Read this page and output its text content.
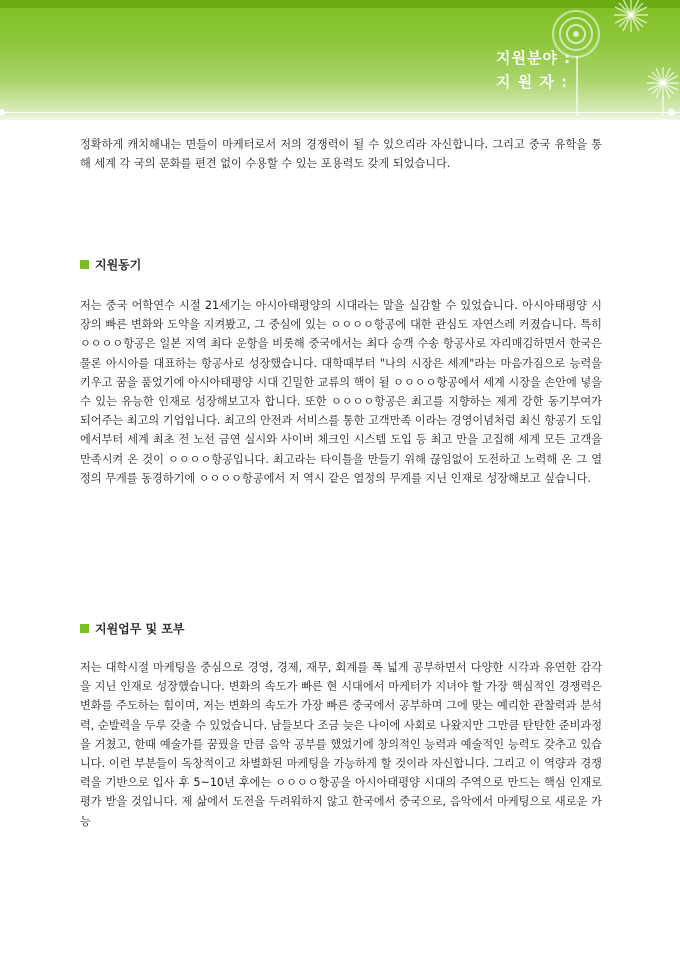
지원분야 :
지 원 자 :

정확하게 캐치해내는 면들이 마케터로서 저의 경쟁력이 될 수 있으리라 자신합니다. 그리고 중국 유학을 통해 세계 각 국의 문화를 편견 없이 수용할 수 있는 포용력도 갖게 되었습니다.

지원동기

저는 중국 어학연수 시절 21세기는 아시아태평양의 시대라는 말을 실감할 수 있었습니다. 아시아태평양 시장의 빠른 변화와 도약을 지켜봤고, 그 중심에 있는 ㅇㅇㅇㅇ항공에 대한 관심도 자연스레 커졌습니다. 특히 ㅇㅇㅇㅇ항공은 일본 지역 최다 운항을 비롯해 중국에서는 최다 승객 수송 항공사로 자리매김하면서 한국은 물론 아시아를 대표하는 항공사로 성장했습니다. 대학때부터 "나의 시장은 세계"라는 마음가짐으로 능력을 키우고 꿈을 품었기에 아시아태평양 시대 긴밀한 교류의 핵이 될 ㅇㅇㅇㅇ항공에서 세계 시장을 손안에 넣을 수 있는 유능한 인재로 성장해보고자 합니다. 또한 ㅇㅇㅇㅇ항공은 최고를 지향하는 제게 강한 동기부여가 되어주는 최고의 기업입니다. 최고의 안전과 서비스를 통한 고객만족 이라는 경영이념처럼 최신 항공기 도입에서부터 세계 최초 전 노선 금연 실시와 사이버 체크인 시스템 도입 등 최고 만을 고집해 세계 모든 고객을 만족시켜 온 것이 ㅇㅇㅇㅇ항공입니다. 최고라는 타이틀을 만들기 위해 끊임없이 도전하고 노력해 온 그 열정의 무게를 동경하기에 ㅇㅇㅇㅇ항공에서 저 역시 같은 열정의 무게를 지닌 인재로 성장해보고 싶습니다.

지원업무 및 포부

저는 대학시절 마케팅을 중심으로 경영, 경제, 재무, 회계를 폭 넓게 공부하면서 다양한 시각과 유연한 감각을 지닌 인재로 성장했습니다. 변화의 속도가 빠른 현 시대에서 마케터가 지녀야 할 가장 핵심적인 경쟁력은 변화를 주도하는 힘이며, 저는 변화의 속도가 가장 빠른 중국에서 공부하며 그에 맞는 예리한 관찰력과 분석력, 순발력을 두루 갖출 수 있었습니다. 남들보다 조금 늦은 나이에 사회로 나왔지만 그만큼 탄탄한 준비과정을 거쳤고, 한때 예술가를 꿈꿨을 만큼 음악 공부를 했었기에 창의적인 능력과 예술적인 능력도 갖추고 있습니다. 이런 부분들이 독창적이고 차별화된 마케팅을 가능하게 할 것이라 자신합니다. 그리고 이 역량과 경쟁력을 기반으로 입사 후 5~10년 후에는 ㅇㅇㅇㅇ항공을 아시아태평양 시대의 주역으로 만드는 핵심 인재로 평가 받을 것입니다. 제 삶에서 도전을 두려워하지 않고 한국에서 중국으로, 음악에서 마케팅으로 새로운 가능
